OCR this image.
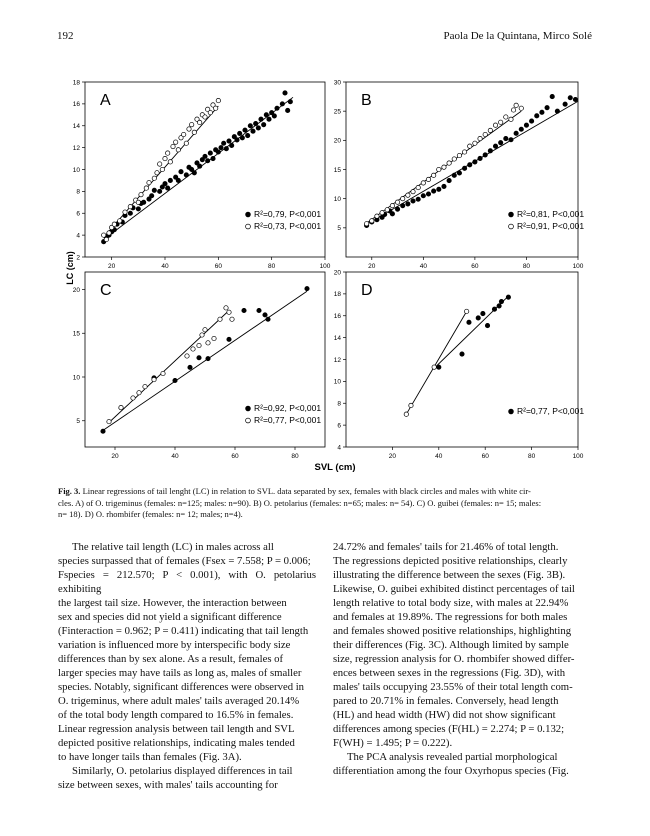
192	Paola De la Quintana, Mirco Solé
20	40	60	80	100
2
4
6
8
10
12
14
16
18
A
R²=0,79, P<0,001
R²=0,73, P<0,001
20	40	60	80	100
5
10
15
20
25
30
B
R²=0,81, P<0,001
R²=0,91, P<0,001
20	40	60	80
5
10
15
20 C
R²=0,92, P<0,001
R²=0,77, P<0,001
20	40	60	80	100
4
6
8
10
12
14
16
18
20
D
R²=0,77, P<0,001
LC (cm)
SVL (cm)
Fig. 3. Linear regressions of tail lenght (LC) in relation to SVL. data separated by sex, females with black circles and males with white cir-
cles. A) of O. trigeminus (females: n=125; males: n=90). B) O. petolarius (females: n=65; males: n= 54). C) O. guibei (females: n= 15; males:
n= 18). D) O. rhombifer (females: n= 12; males; n=4).

The relative tail length (LC) in males across all

species surpassed that of females (Fsex = 7.558; P = 0.006;

Fspecies = 212.570; P < 0.001), with O. petolarius exhibiting

the largest tail size. However, the interaction between

sex and species did not yield a significant difference

(Finteraction = 0.962; P = 0.411) indicating that tail length

variation is influenced more by interspecific body size

differences than by sex alone. As a result, females of

larger species may have tails as long as, males of smaller

species. Notably, significant differences were observed in

O. trigeminus, where adult males' tails averaged 20.14%

of the total body length compared to 16.5% in females.

Linear regression analysis between tail length and SVL

depicted positive relationships, indicating males tended

to have longer tails than females (Fig. 3A).

Similarly, O. petolarius displayed differences in tail

size between sexes, with males' tails accounting for

24.72% and females' tails for 21.46% of total length.

The regressions depicted positive relationships, clearly

illustrating the difference between the sexes (Fig. 3B).

Likewise, O. guibei exhibited distinct percentages of tail

length relative to total body size, with males at 22.94%

and females at 19.89%. The regressions for both males

and females showed positive relationships, highlighting

their differences (Fig. 3C). Although limited by sample

size, regression analysis for O. rhombifer showed differ-

ences between sexes in the regressions (Fig. 3D), with

males' tails occupying 23.55% of their total length com-

pared to 20.71% in females. Conversely, head length

(HL) and head width (HW) did not show significant

differences among species (F(HL) = 2.274; P = 0.132;

F(WH) = 1.495; P = 0.222).

The PCA analysis revealed partial morphological

differentiation among the four Oxyrhopus species (Fig.
